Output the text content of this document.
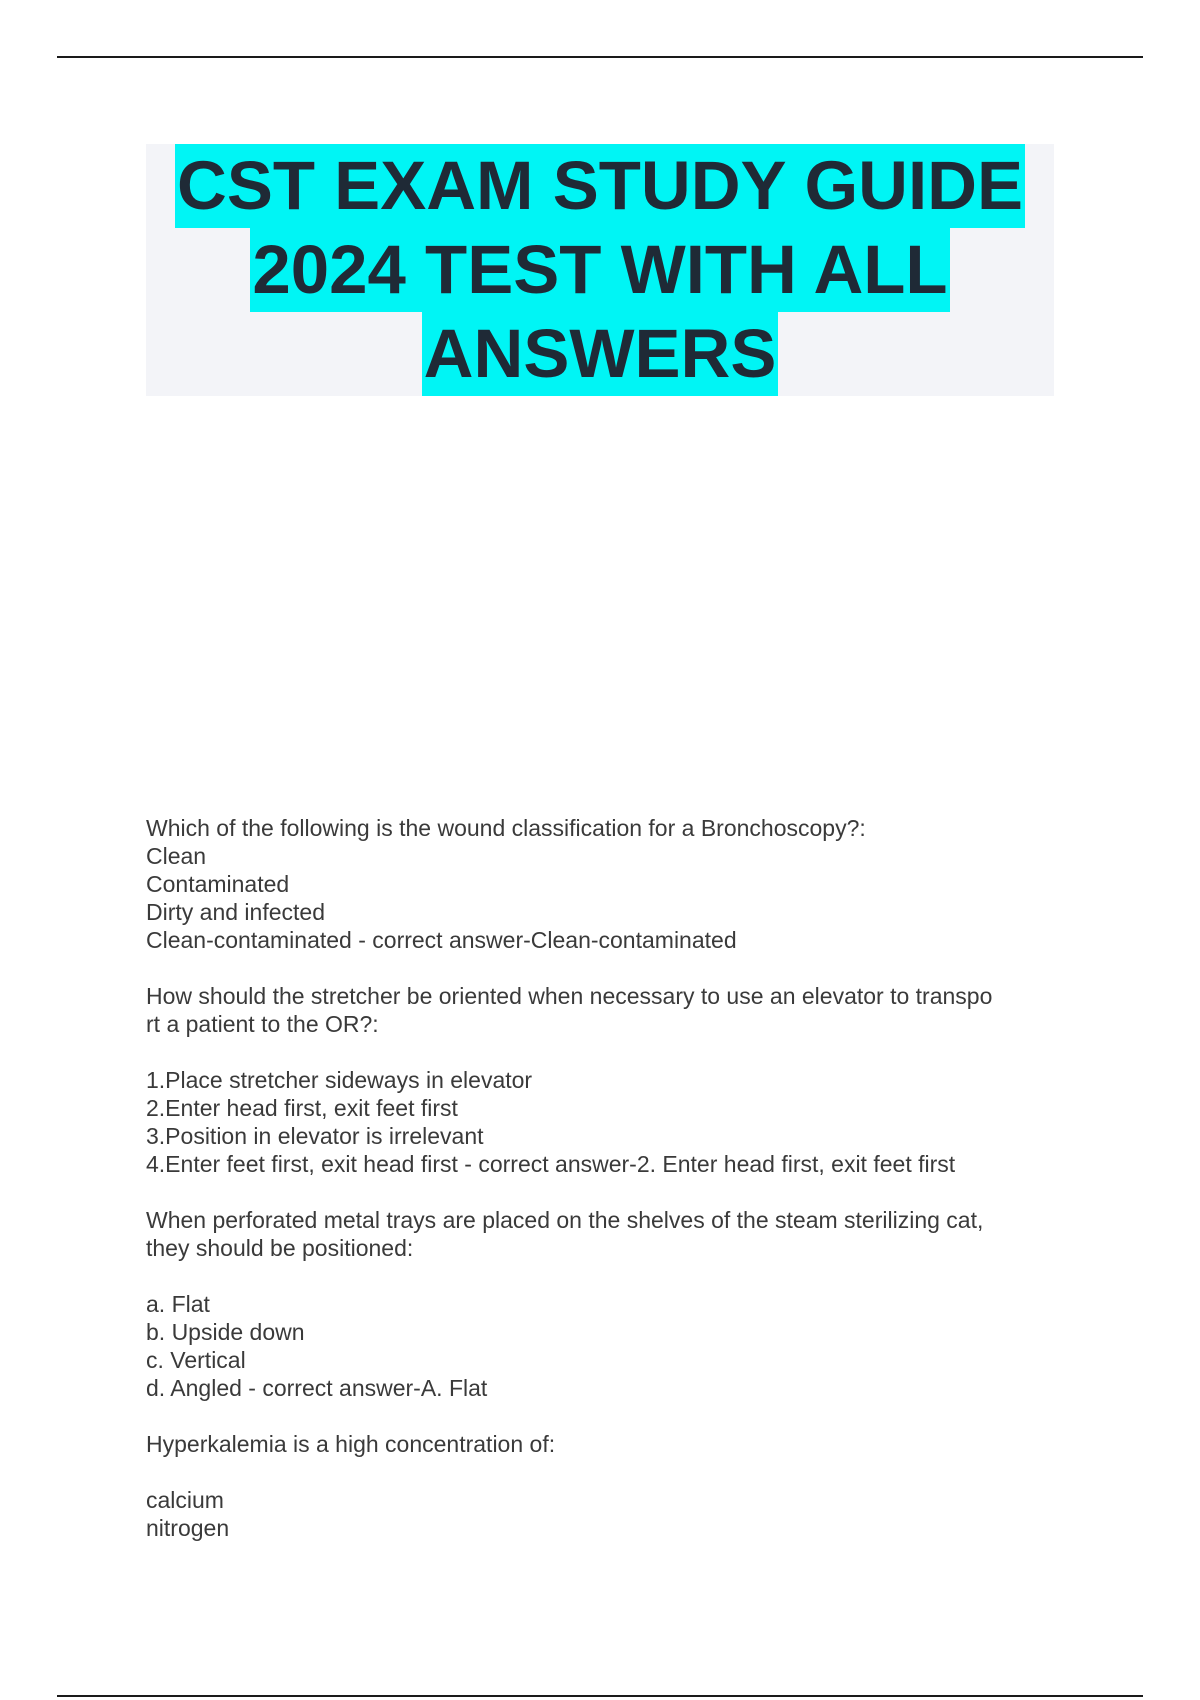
CST EXAM STUDY GUIDE
2024 TEST WITH ALL
ANSWERS
Which of the following is the wound classification for a Bronchoscopy?:
Clean
Contaminated
Dirty and infected
Clean-contaminated - correct answer-Clean-contaminated
How should the stretcher be oriented when necessary to use an elevator to transpo
rt a patient to the OR?:
1.Place stretcher sideways in elevator
2.Enter head first, exit feet first
3.Position in elevator is irrelevant
4.Enter feet first, exit head first - correct answer-2. Enter head first, exit feet first
When perforated metal trays are placed on the shelves of the steam sterilizing cat,
they should be positioned:
a. Flat
b. Upside down
c. Vertical
d. Angled - correct answer-A. Flat
Hyperkalemia is a high concentration of:
calcium
nitrogen
